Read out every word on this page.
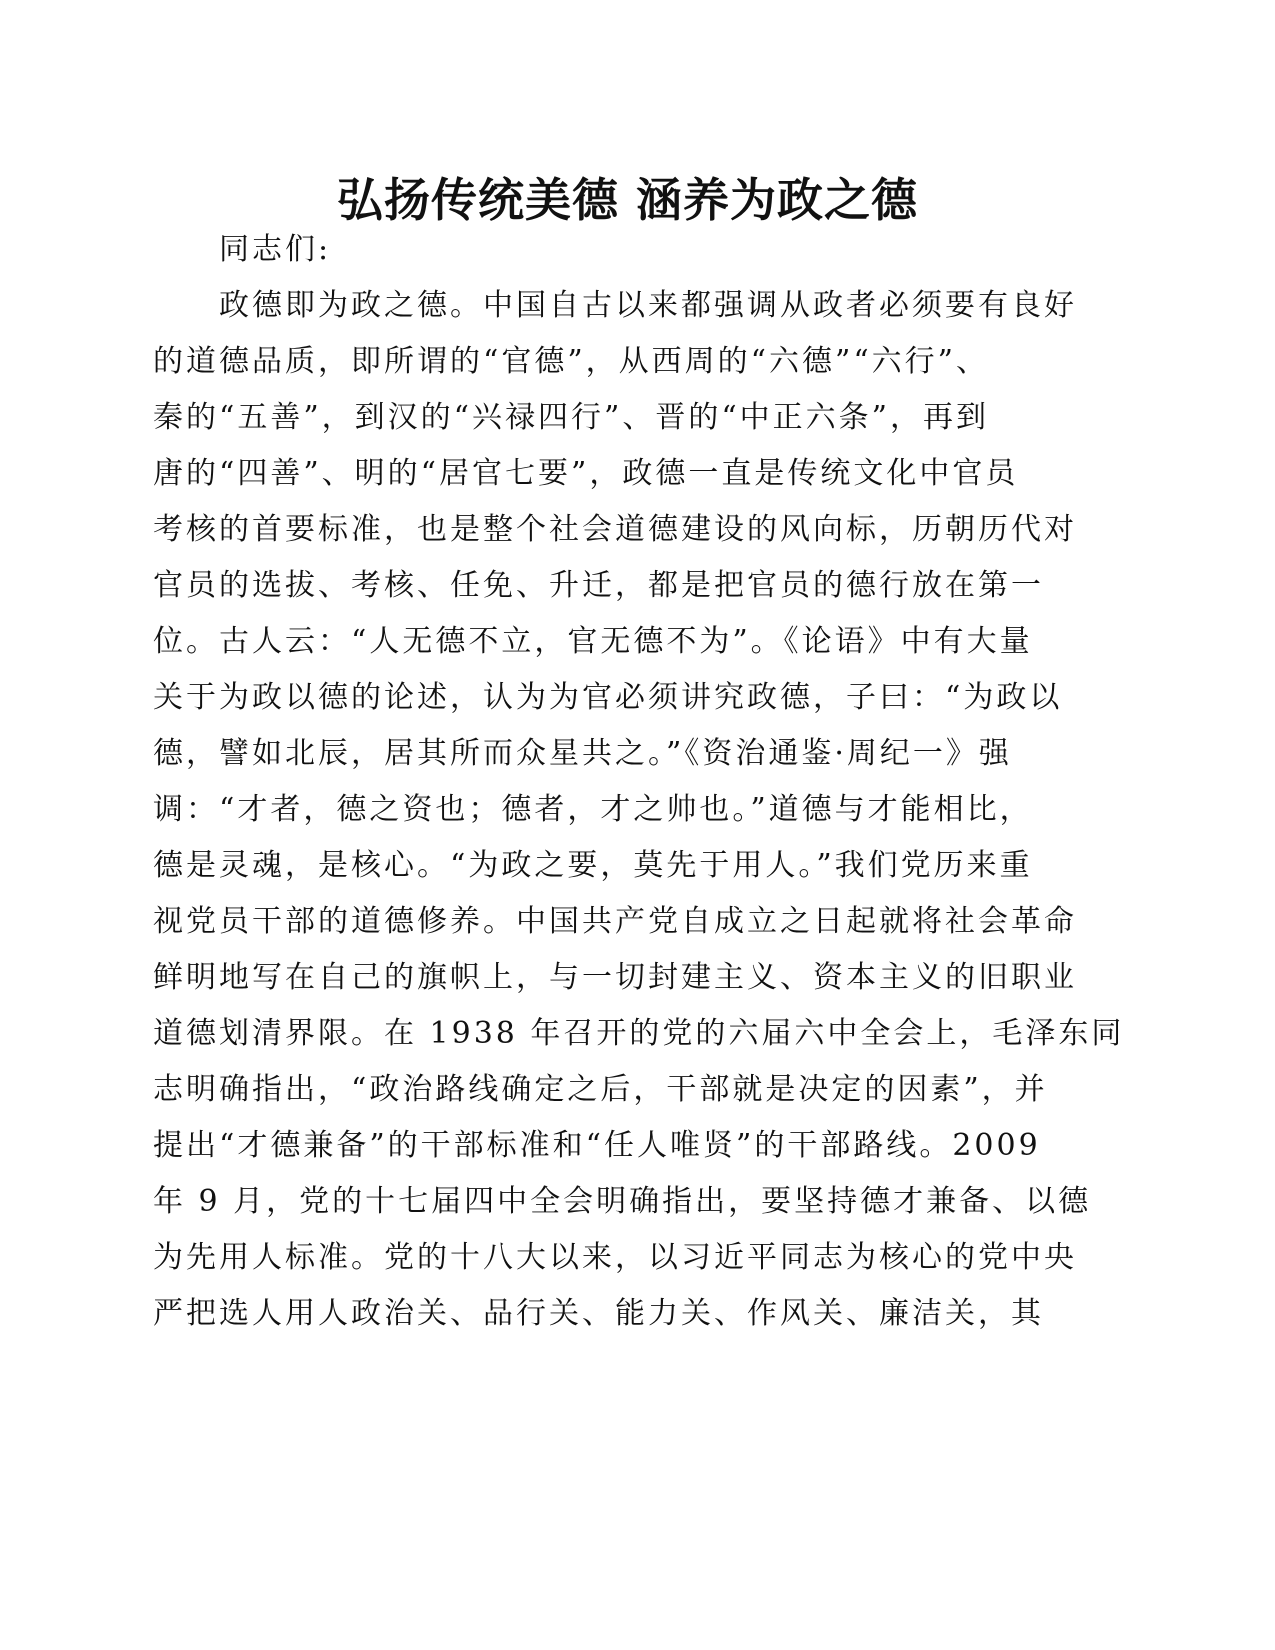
弘扬传统美德 涵养为政之德
同志们:
政德即为政之德。中国自古以来都强调从政者必须要有良好
的道德品质，即所谓的“官德”，从西周的“六德”“六行”、
秦的“五善”，到汉的“兴禄四行”、晋的“中正六条”，再到
唐的“四善”、明的“居官七要”，政德一直是传统文化中官员
考核的首要标准，也是整个社会道德建设的风向标，历朝历代对
官员的选拔、考核、任免、升迁，都是把官员的德行放在第一
位。古人云：“人无德不立，官无德不为”。《论语》中有大量
关于为政以德的论述，认为为官必须讲究政德，子曰：“为政以
德，譬如北辰，居其所而众星共之。”《资治通鉴·周纪一》强
调：“才者，德之资也；德者，才之帅也。”道德与才能相比，
德是灵魂，是核心。“为政之要，莫先于用人。”我们党历来重
视党员干部的道德修养。中国共产党自成立之日起就将社会革命
鲜明地写在自己的旗帜上，与一切封建主义、资本主义的旧职业
道德划清界限。在 1938 年召开的党的六届六中全会上，毛泽东同
志明确指出，“政治路线确定之后，干部就是决定的因素”，并
提出“才德兼备”的干部标准和“任人唯贤”的干部路线。2009
年 9 月，党的十七届四中全会明确指出，要坚持德才兼备、以德
为先用人标准。党的十八大以来，以习近平同志为核心的党中央
严把选人用人政治关、品行关、能力关、作风关、廉洁关，其
